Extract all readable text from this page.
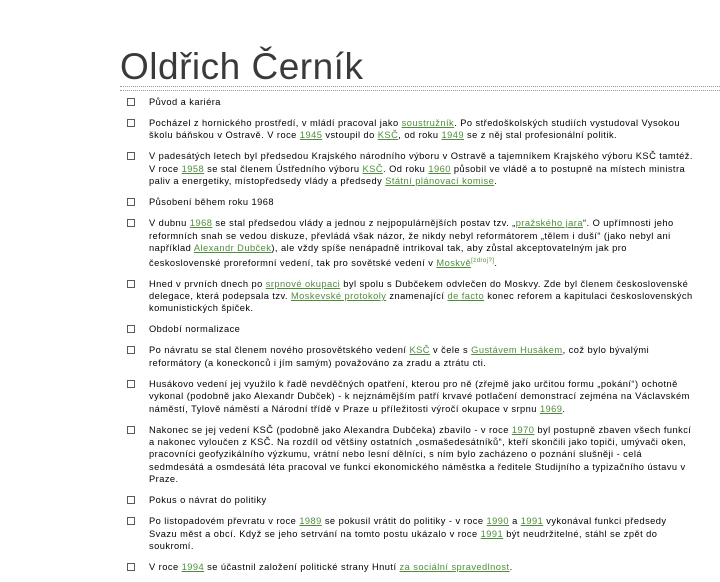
Oldřich Černík
Původ a kariéra
Pocházel z hornického prostředí, v mládí pracoval jako soustružník. Po středoškolských studiích vystudoval Vysokou školu báňskou v Ostravě. V roce 1945 vstoupil do KSČ, od roku 1949 se z něj stal profesionální politik.
V padesátých letech byl předsedou Krajského národního výboru v Ostravě a tajemníkem Krajského výboru KSČ tamtéž. V roce 1958 se stal členem Ústředního výboru KSČ. Od roku 1960 působil ve vládě a to postupně na místech ministra paliv a energetiky, místopředsedy vlády a předsedy Státní plánovací komise.
Působení během roku 1968
V dubnu 1968 se stal předsedou vlády a jednou z nejpopulárnějších postav tzv. „pražského jara“. O upřímnosti jeho reformních snah se vedou diskuze, převládá však názor, že nikdy nebyl reformátorem „tělem i duší“ (jako nebyl ani například Alexandr Dubček), ale vždy spíše nenápadně intrikoval tak, aby zůstal akceptovatelným jak pro československé proreformní vedení, tak pro sovětské vedení v Moskvě[zdroj?].
Hned v prvních dnech po srpnové okupaci byl spolu s Dubčekem odvlečen do Moskvy. Zde byl členem československé delegace, která podepsala tzv. Moskevské protokoly znamenající de facto konec reforem a kapitulaci československých komunistických špiček.
Období normalizace
Po návratu se stal členem nového prosovětského vedení KSČ v čele s Gustávem Husákem, což bylo bývalými reformátory (a koneckonců i jím samým) považováno za zradu a ztrátu cti.
Husákovo vedení jej využilo k řadě nevděčných opatření, kterou pro ně (zřejmě jako určitou formu „pokání“) ochotně vykonal (podobně jako Alexandr Dubček) - k nejznámějším patří krvavé potlačení demonstrací zejména na Václavském náměstí, Tylově náměstí a Národní třídě v Praze u příležitosti výročí okupace v srpnu 1969.
Nakonec se jej vedení KSČ (podobně jako Alexandra Dubčeka) zbavilo - v roce 1970 byl postupně zbaven všech funkcí a nakonec vyloučen z KSČ. Na rozdíl od většiny ostatních „osmašedesátníků“, kteří skončili jako topiči, umývači oken, pracovníci geofyzikálního výzkumu, vrátní nebo lesní dělníci, s ním bylo zacházeno o poznání slušněji - celá sedmdesátá a osmdesátá léta pracoval ve funkci ekonomického náměstka a ředitele Studijního a typizačního ústavu v Praze.
Pokus o návrat do politiky
Po listopadovém převratu v roce 1989 se pokusil vrátit do politiky - v roce 1990 a 1991 vykonával funkci předsedy Svazu měst a obcí. Když se jeho setrvání na tomto postu ukázalo v roce 1991 být neudržitelné, stáhl se zpět do soukromí.
V roce 1994 se účastnil založení politické strany Hnutí za sociální spravedlnost.
